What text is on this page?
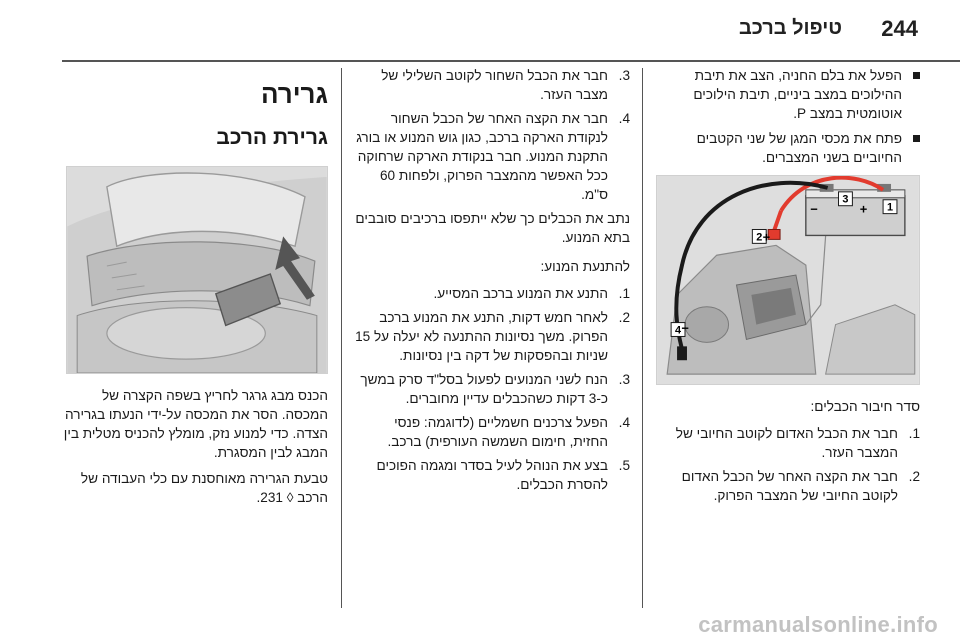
244
טיפול ברכב
הפעל את בלם החניה, הצב את תיבת ההילוכים במצב ביניים, תיבת הילוכים אוטומטית במצב P.
פתח את מכסי המגן של שני הקטבים החיוביים בשני המצברים.
1
2
3
4
+
+
−
−
סדר חיבור הכבלים:
1.
חבר את הכבל האדום לקוטב החיובי של המצבר העזר.
2.
חבר את הקצה האחר של הכבל האדום לקוטב החיובי של המצבר הפרוק.
3.
חבר את הכבל השחור לקוטב השלילי של מצבר העזר.
4.
חבר את הקצה האחר של הכבל השחור לנקודת הארקה ברכב, כגון גוש המנוע או בורג התקנת המנוע. חבר בנקודת הארקה שרחוקה ככל האפשר מהמצבר הפרוק, ולפחות 60 ס"מ.
נתב את הכבלים כך שלא ייתפסו ברכיבים סובבים בתא המנוע.
להתנעת המנוע:
1.
התנע את המנוע ברכב המסייע.
2.
לאחר חמש דקות, התנע את המנוע ברכב הפרוק. משך נסיונות ההתנעה לא יעלה על 15 שניות ובהפסקות של דקה בין נסיונות.
3.
הנח לשני המנועים לפעול בסל"ד סרק במשך כ-3 דקות כשהכבלים עדיין מחוברים.
4.
הפעל צרכנים חשמליים (לדוגמה: פנסי החזית, חימום השמשה העורפית) ברכב.
5.
בצע את הנוהל לעיל בסדר ומגמה הפוכים להסרת הכבלים.
גרירה
גרירת הרכב
הכנס מבג גרגר לחריץ בשפה הקצרה של המכסה. הסר את המכסה על-ידי הנעתו בגרירה הצדה. כדי למנוע נזק, מומלץ להכניס מטלית בין המבג לבין המסגרת.
טבעת הגרירה מאוחסנת עם כלי העבודה של הרכב ◊ 231.
carmanualsonline.info
